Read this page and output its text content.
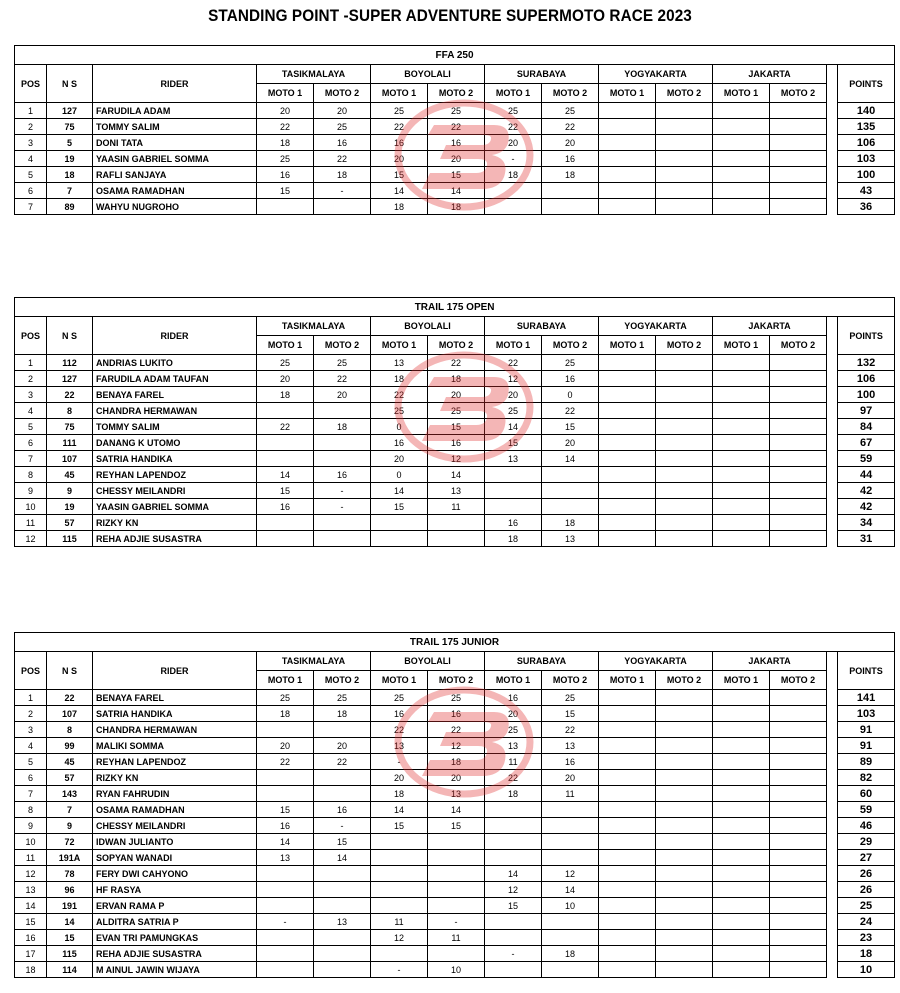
STANDING POINT -SUPER ADVENTURE SUPERMOTO RACE 2023
FFA 250														
POS	N S	RIDER	TASIKMALAYA		BOYOLALI		SURABAYA		YOGYAKARTA		JAKARTA			POINTS
			MOTO 1	MOTO 2	MOTO 1	MOTO 2	MOTO 1	MOTO 2	MOTO 1	MOTO 2	MOTO 1	MOTO 2		
1	127	FARUDILA ADAM	20	20	25	25	25	25						140
2	75	TOMMY SALIM	22	25	22	22	22	22						135
3	5	DONI TATA	18	16	16	16	20	20						106
4	19	YAASIN GABRIEL SOMMA	25	22	20	20	-	16						103
5	18	RAFLI SANJAYA	16	18	15	15	18	18						100
6	7	OSAMA RAMADHAN	15	-	14	14								43
7	89	WAHYU NUGROHO			18	18								36
TRAIL 175 OPEN														
POS	N S	RIDER	TASIKMALAYA		BOYOLALI		SURABAYA		YOGYAKARTA		JAKARTA			POINTS
			MOTO 1	MOTO 2	MOTO 1	MOTO 2	MOTO 1	MOTO 2	MOTO 1	MOTO 2	MOTO 1	MOTO 2		
1	112	ANDRIAS LUKITO	25	25	13	22	22	25						132
2	127	FARUDILA ADAM TAUFAN	20	22	18	18	12	16						106
3	22	BENAYA FAREL	18	20	22	20	20	0						100
4	8	CHANDRA HERMAWAN			25	25	25	22						97
5	75	TOMMY SALIM	22	18	0	15	14	15						84
6	111	DANANG K UTOMO			16	16	15	20						67
7	107	SATRIA HANDIKA			20	12	13	14						59
8	45	REYHAN LAPENDOZ	14	16	0	14								44
9	9	CHESSY MEILANDRI	15	-	14	13								42
10	19	YAASIN GABRIEL SOMMA	16	-	15	11								42
11	57	RIZKY KN					16	18						34
12	115	REHA ADJIE SUSASTRA					18	13						31
TRAIL 175 JUNIOR														
POS	N S	RIDER	TASIKMALAYA		BOYOLALI		SURABAYA		YOGYAKARTA		JAKARTA			POINTS
			MOTO 1	MOTO 2	MOTO 1	MOTO 2	MOTO 1	MOTO 2	MOTO 1	MOTO 2	MOTO 1	MOTO 2		
1	22	BENAYA FAREL	25	25	25	25	16	25						141
2	107	SATRIA HANDIKA	18	18	16	16	20	15						103
3	8	CHANDRA HERMAWAN			22	22	25	22						91
4	99	MALIKI SOMMA	20	20	13	12	13	13						91
5	45	REYHAN LAPENDOZ	22	22	-	18	11	16						89
6	57	RIZKY KN			20	20	22	20						82
7	143	RYAN FAHRUDIN			18	13	18	11						60
8	7	OSAMA RAMADHAN	15	16	14	14								59
9	9	CHESSY MEILANDRI	16	-	15	15								46
10	72	IDWAN JULIANTO	14	15										29
11	191A	SOPYAN WANADI	13	14										27
12	78	FERY DWI CAHYONO					14	12						26
13	96	HF RASYA					12	14						26
14	191	ERVAN RAMA P					15	10						25
15	14	ALDITRA SATRIA P	-	13	11	-								24
16	15	EVAN TRI PAMUNGKAS			12	11								23
17	115	REHA ADJIE SUSASTRA					-	18						18
18	114	M AINUL JAWIN WIJAYA			-	10								10
